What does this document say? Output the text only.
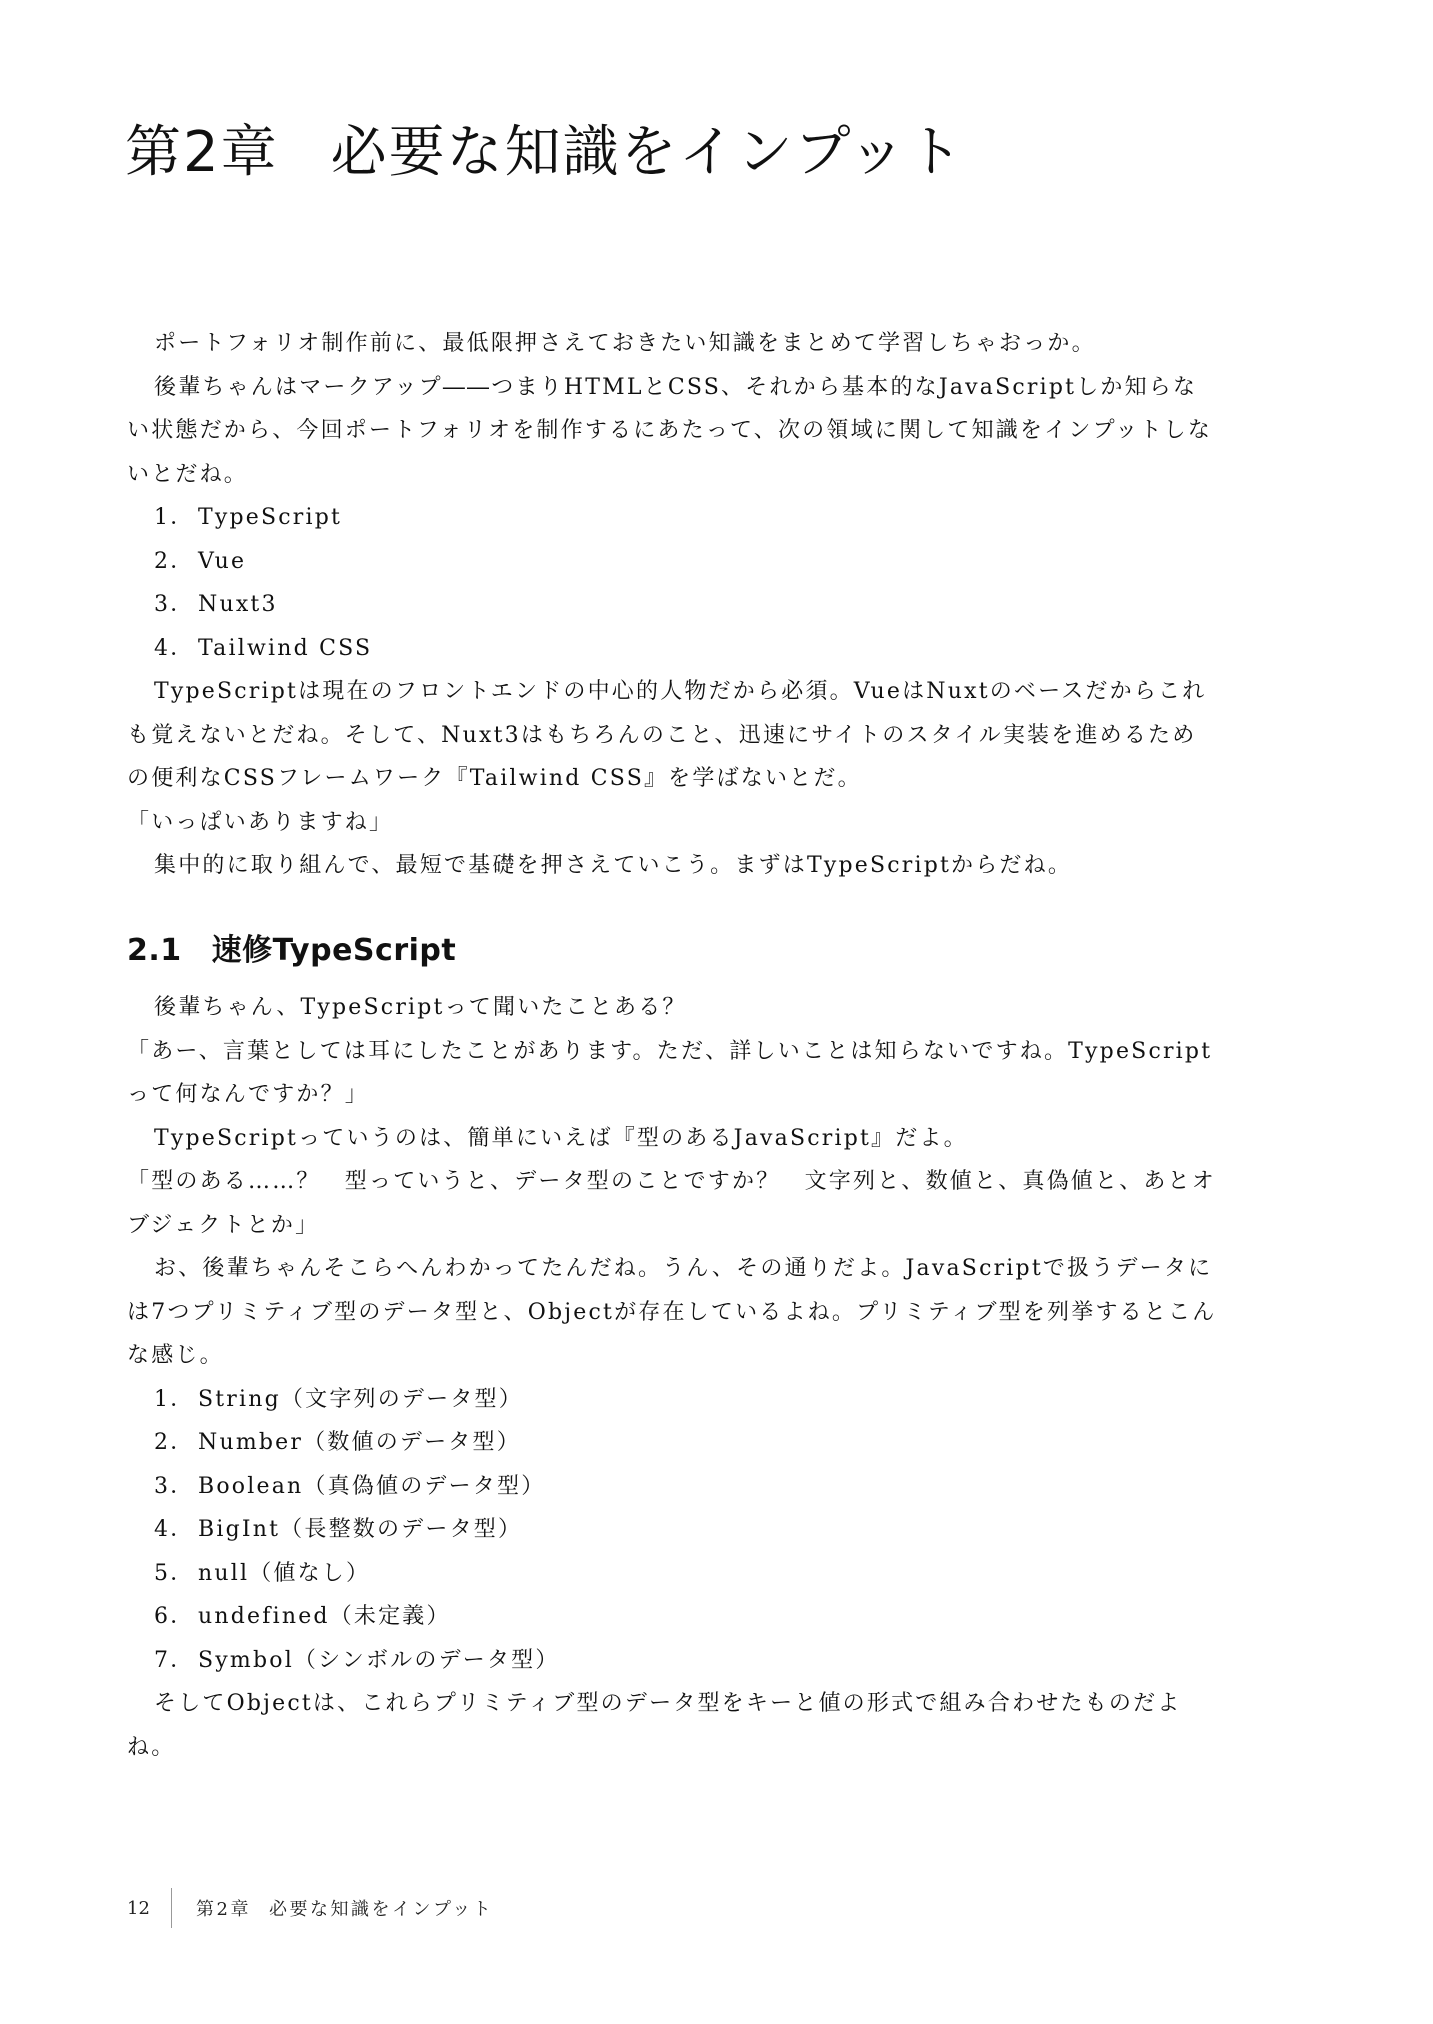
第2章 必要な知識をインプット

ポートフォリオ制作前に、最低限押さえておきたい知識をまとめて学習しちゃおっか。

後輩ちゃんはマークアップ――つまりHTMLとCSS、それから基本的なJavaScriptしか知らない状態だから、今回ポートフォリオを制作するにあたって、次の領域に関して知識をインプットしないとだね。

1． TypeScript

2． Vue

3． Nuxt3

4． Tailwind CSS

TypeScriptは現在のフロントエンドの中心的人物だから必須。VueはNuxtのベースだからこれも覚えないとだね。そして、Nuxt3はもちろんのこと、迅速にサイトのスタイル実装を進めるための便利なCSSフレームワーク『Tailwind CSS』を学ばないとだ。

「いっぱいありますね」

集中的に取り組んで、最短で基礎を押さえていこう。まずはTypeScriptからだね。

2.1 速修TypeScript

後輩ちゃん、TypeScriptって聞いたことある？

「あー、言葉としては耳にしたことがあります。ただ、詳しいことは知らないですね。TypeScriptって何なんですか？」

TypeScriptっていうのは、簡単にいえば『型のあるJavaScript』だよ。

「型のある……？　型っていうと、データ型のことですか？　文字列と、数値と、真偽値と、あとオブジェクトとか」

お、後輩ちゃんそこらへんわかってたんだね。うん、その通りだよ。JavaScriptで扱うデータには7つプリミティブ型のデータ型と、Objectが存在しているよね。プリミティブ型を列挙するとこんな感じ。

1． String（文字列のデータ型）

2． Number（数値のデータ型）

3． Boolean（真偽値のデータ型）

4． BigInt（長整数のデータ型）

5． null（値なし）

6． undefined（未定義）

7． Symbol（シンボルのデータ型）

そしてObjectは、これらプリミティブ型のデータ型をキーと値の形式で組み合わせたものだよね。

12	第2章 必要な知識をインプット
